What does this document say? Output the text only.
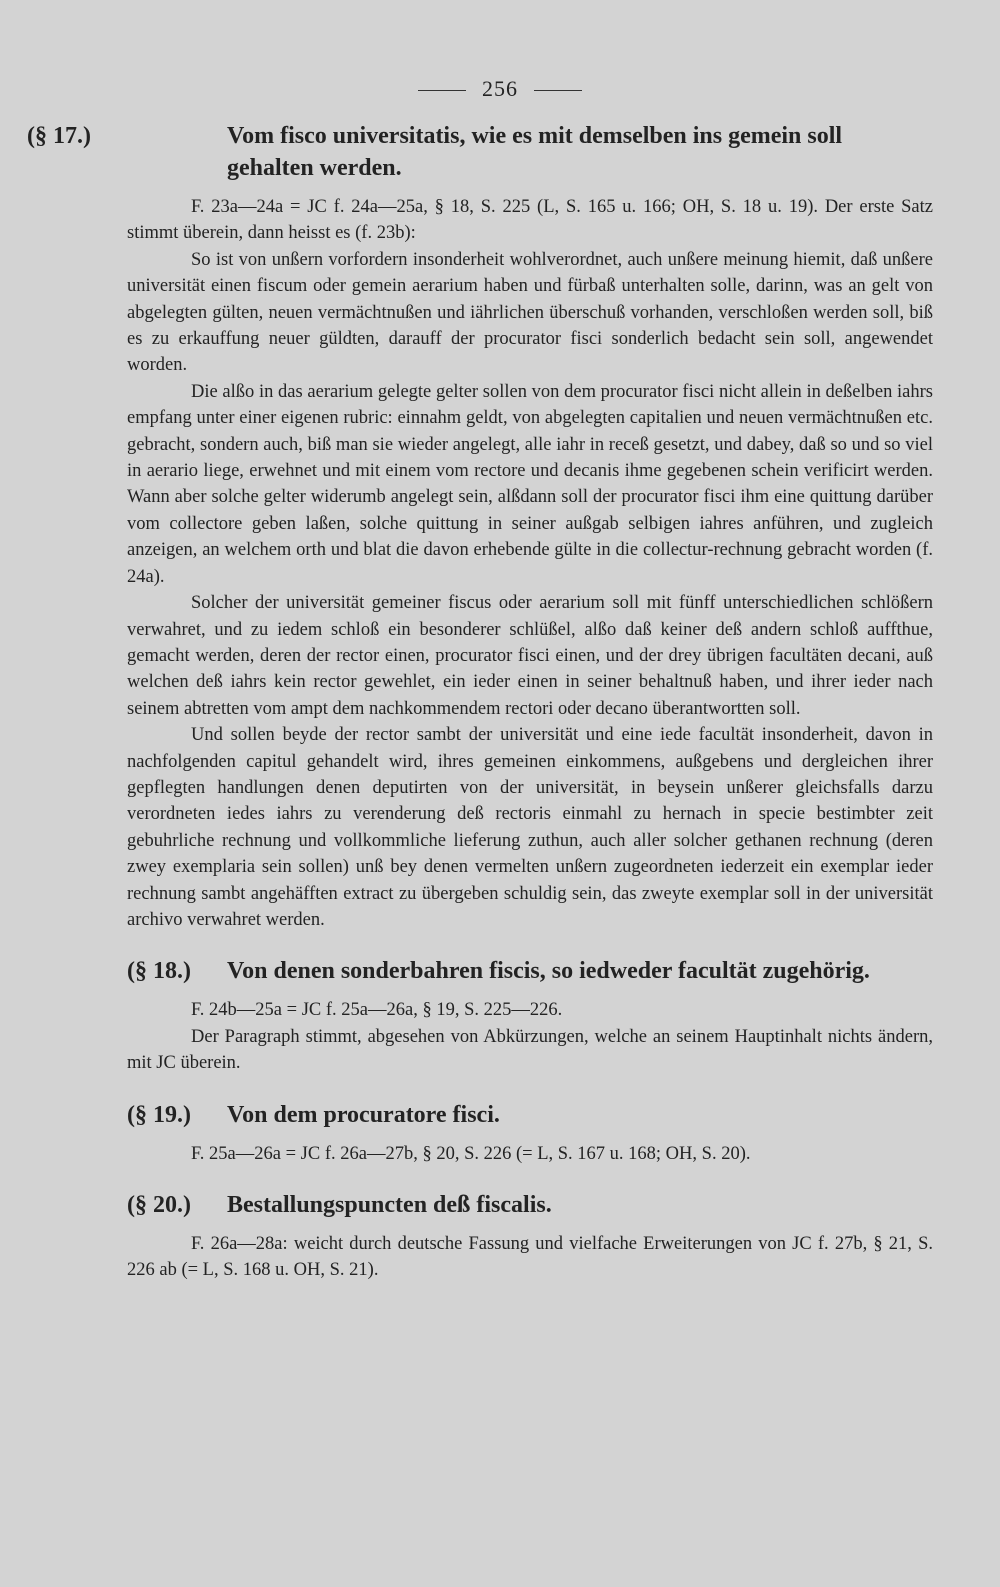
256
(§ 17.)	Vom fisco universitatis, wie es mit demselben ins gemein soll gehalten werden.

F. 23a—24a = JC f. 24a—25a, § 18, S. 225 (L, S. 165 u. 166; OH, S. 18 u. 19). Der erste Satz stimmt überein, dann heisst es (f. 23b):

So ist von unßern vorfordern insonderheit wohlverordnet, auch unßere meinung hiemit, daß unßere universität einen fiscum oder gemein aerarium haben und fürbaß unterhalten solle, darinn, was an gelt von abgelegten gülten, neuen vermächtnußen und iährlichen überschuß vorhanden, verschloßen werden soll, biß es zu erkauffung neuer güldten, darauff der procurator fisci sonderlich bedacht sein soll, angewendet worden.

Die alßo in das aerarium gelegte gelter sollen von dem procurator fisci nicht allein in deßelben iahrs empfang unter einer eigenen rubric: einnahm geldt, von abgelegten capitalien und neuen vermächtnußen etc. gebracht, sondern auch, biß man sie wieder angelegt, alle iahr in receß gesetzt, und dabey, daß so und so viel in aerario liege, erwehnet und mit einem vom rectore und decanis ihme gegebenen schein verificirt werden. Wann aber solche gelter widerumb angelegt sein, alßdann soll der procurator fisci ihm eine quittung darüber vom collectore geben laßen, solche quittung in seiner außgab selbigen iahres anführen, und zugleich anzeigen, an welchem orth und blat die davon erhebende gülte in die collectur-rechnung gebracht worden (f. 24a).

Solcher der universität gemeiner fiscus oder aerarium soll mit fünff unterschiedlichen schlößern verwahret, und zu iedem schloß ein besonderer schlüßel, alßo daß keiner deß andern schloß auffthue, gemacht werden, deren der rector einen, procurator fisci einen, und der drey übrigen facultäten decani, auß welchen deß iahrs kein rector gewehlet, ein ieder einen in seiner behaltnuß haben, und ihrer ieder nach seinem abtretten vom ampt dem nachkommendem rectori oder decano überantwortten soll.

Und sollen beyde der rector sambt der universität und eine iede facultät insonderheit, davon in nachfolgenden capitul gehandelt wird, ihres gemeinen einkommens, außgebens und dergleichen ihrer gepflegten handlungen denen deputirten von der universität, in beysein unßerer gleichsfalls darzu verordneten iedes iahrs zu verenderung deß rectoris einmahl zu hernach in specie bestimbter zeit gebuhrliche rechnung und vollkommliche lieferung zuthun, auch aller solcher gethanen rechnung (deren zwey exemplaria sein sollen) unß bey denen vermelten unßern zugeordneten iederzeit ein exemplar ieder rechnung sambt angehäfften extract zu übergeben schuldig sein, das zweyte exemplar soll in der universität archivo verwahret werden.

(§ 18.) Von denen sonderbahren fiscis, so iedweder facultät zugehörig.

F. 24b—25a = JC f. 25a—26a, § 19, S. 225—226.

Der Paragraph stimmt, abgesehen von Abkürzungen, welche an seinem Hauptinhalt nichts ändern, mit JC überein.

(§ 19.) Von dem procuratore fisci.

F. 25a—26a = JC f. 26a—27b, § 20, S. 226 (= L, S. 167 u. 168; OH, S. 20).

(§ 20.) Bestallungspuncten deß fiscalis.

F. 26a—28a: weicht durch deutsche Fassung und vielfache Erweiterungen von JC f. 27b, § 21, S. 226 ab (= L, S. 168 u. OH, S. 21).
